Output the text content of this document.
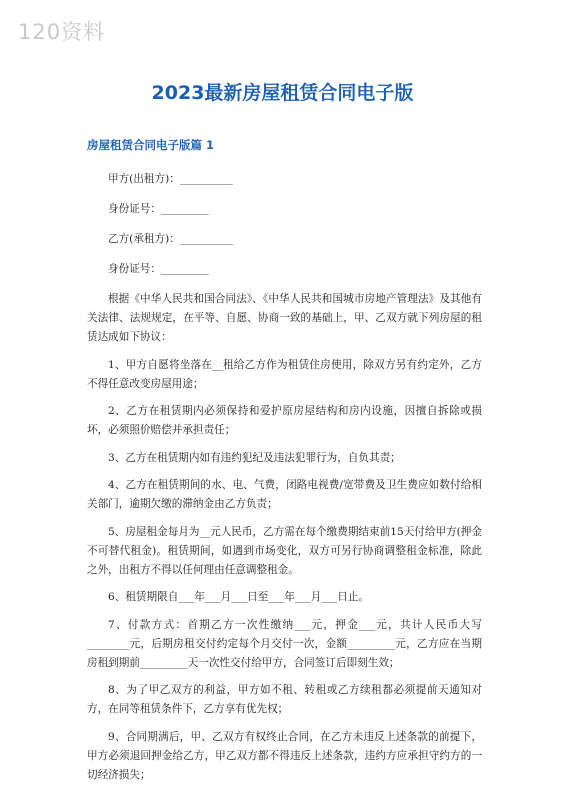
120资料
2023最新房屋租赁合同电子版
房屋租赁合同电子版篇 1

甲方(出租方)：__________

身份证号：_________

乙方(承租方)：__________

身份证号：_________

根据《中华人民共和国合同法》、《中华人民共和国城市房地产管理法》及其他有关法律、法规规定，在平等、自愿、协商一致的基础上，甲、乙双方就下列房屋的租赁达成如下协议：

1、甲方自愿将坐落在__租给乙方作为租赁住房使用，除双方另有约定外，乙方不得任意改变房屋用途；

2、乙方在租赁期内必须保持和爱护原房屋结构和房内设施，因擅自拆除或损坏，必须照价赔偿并承担责任；

3、乙方在租赁期内如有违约犯纪及违法犯罪行为，自负其责；

4、乙方在租赁期间的水、电、气费，闭路电视费/宽带费及卫生费应如数付给相关部门，逾期欠缴的滞纳金由乙方负责；

5、房屋租金每月为__元人民币，乙方需在每个缴费期结束前15天付给甲方(押金不可替代租金)。租赁期间，如遇到市场变化，双方可另行协商调整租金标准，除此之外，出租方不得以任何理由任意调整租金。

6、租赁期限自___年___月___日至___年___月___日止。

7、付款方式：首期乙方一次性缴纳___元，押金___元，共计人民币大写________元，后期房租交付约定每个月交付一次，金额_________元，乙方应在当期房租到期前_________天一次性交付给甲方，合同签订后即刻生效；

8、为了甲乙双方的利益，甲方如不租、转租或乙方续租都必须提前天通知对方，在同等租赁条件下，乙方享有优先权；

9、合同期满后，甲、乙双方有权终止合同，在乙方未违反上述条款的前提下，甲方必须退回押金给乙方，甲乙双方都不得违反上述条款，违约方应承担守约方的一切经济损失；
